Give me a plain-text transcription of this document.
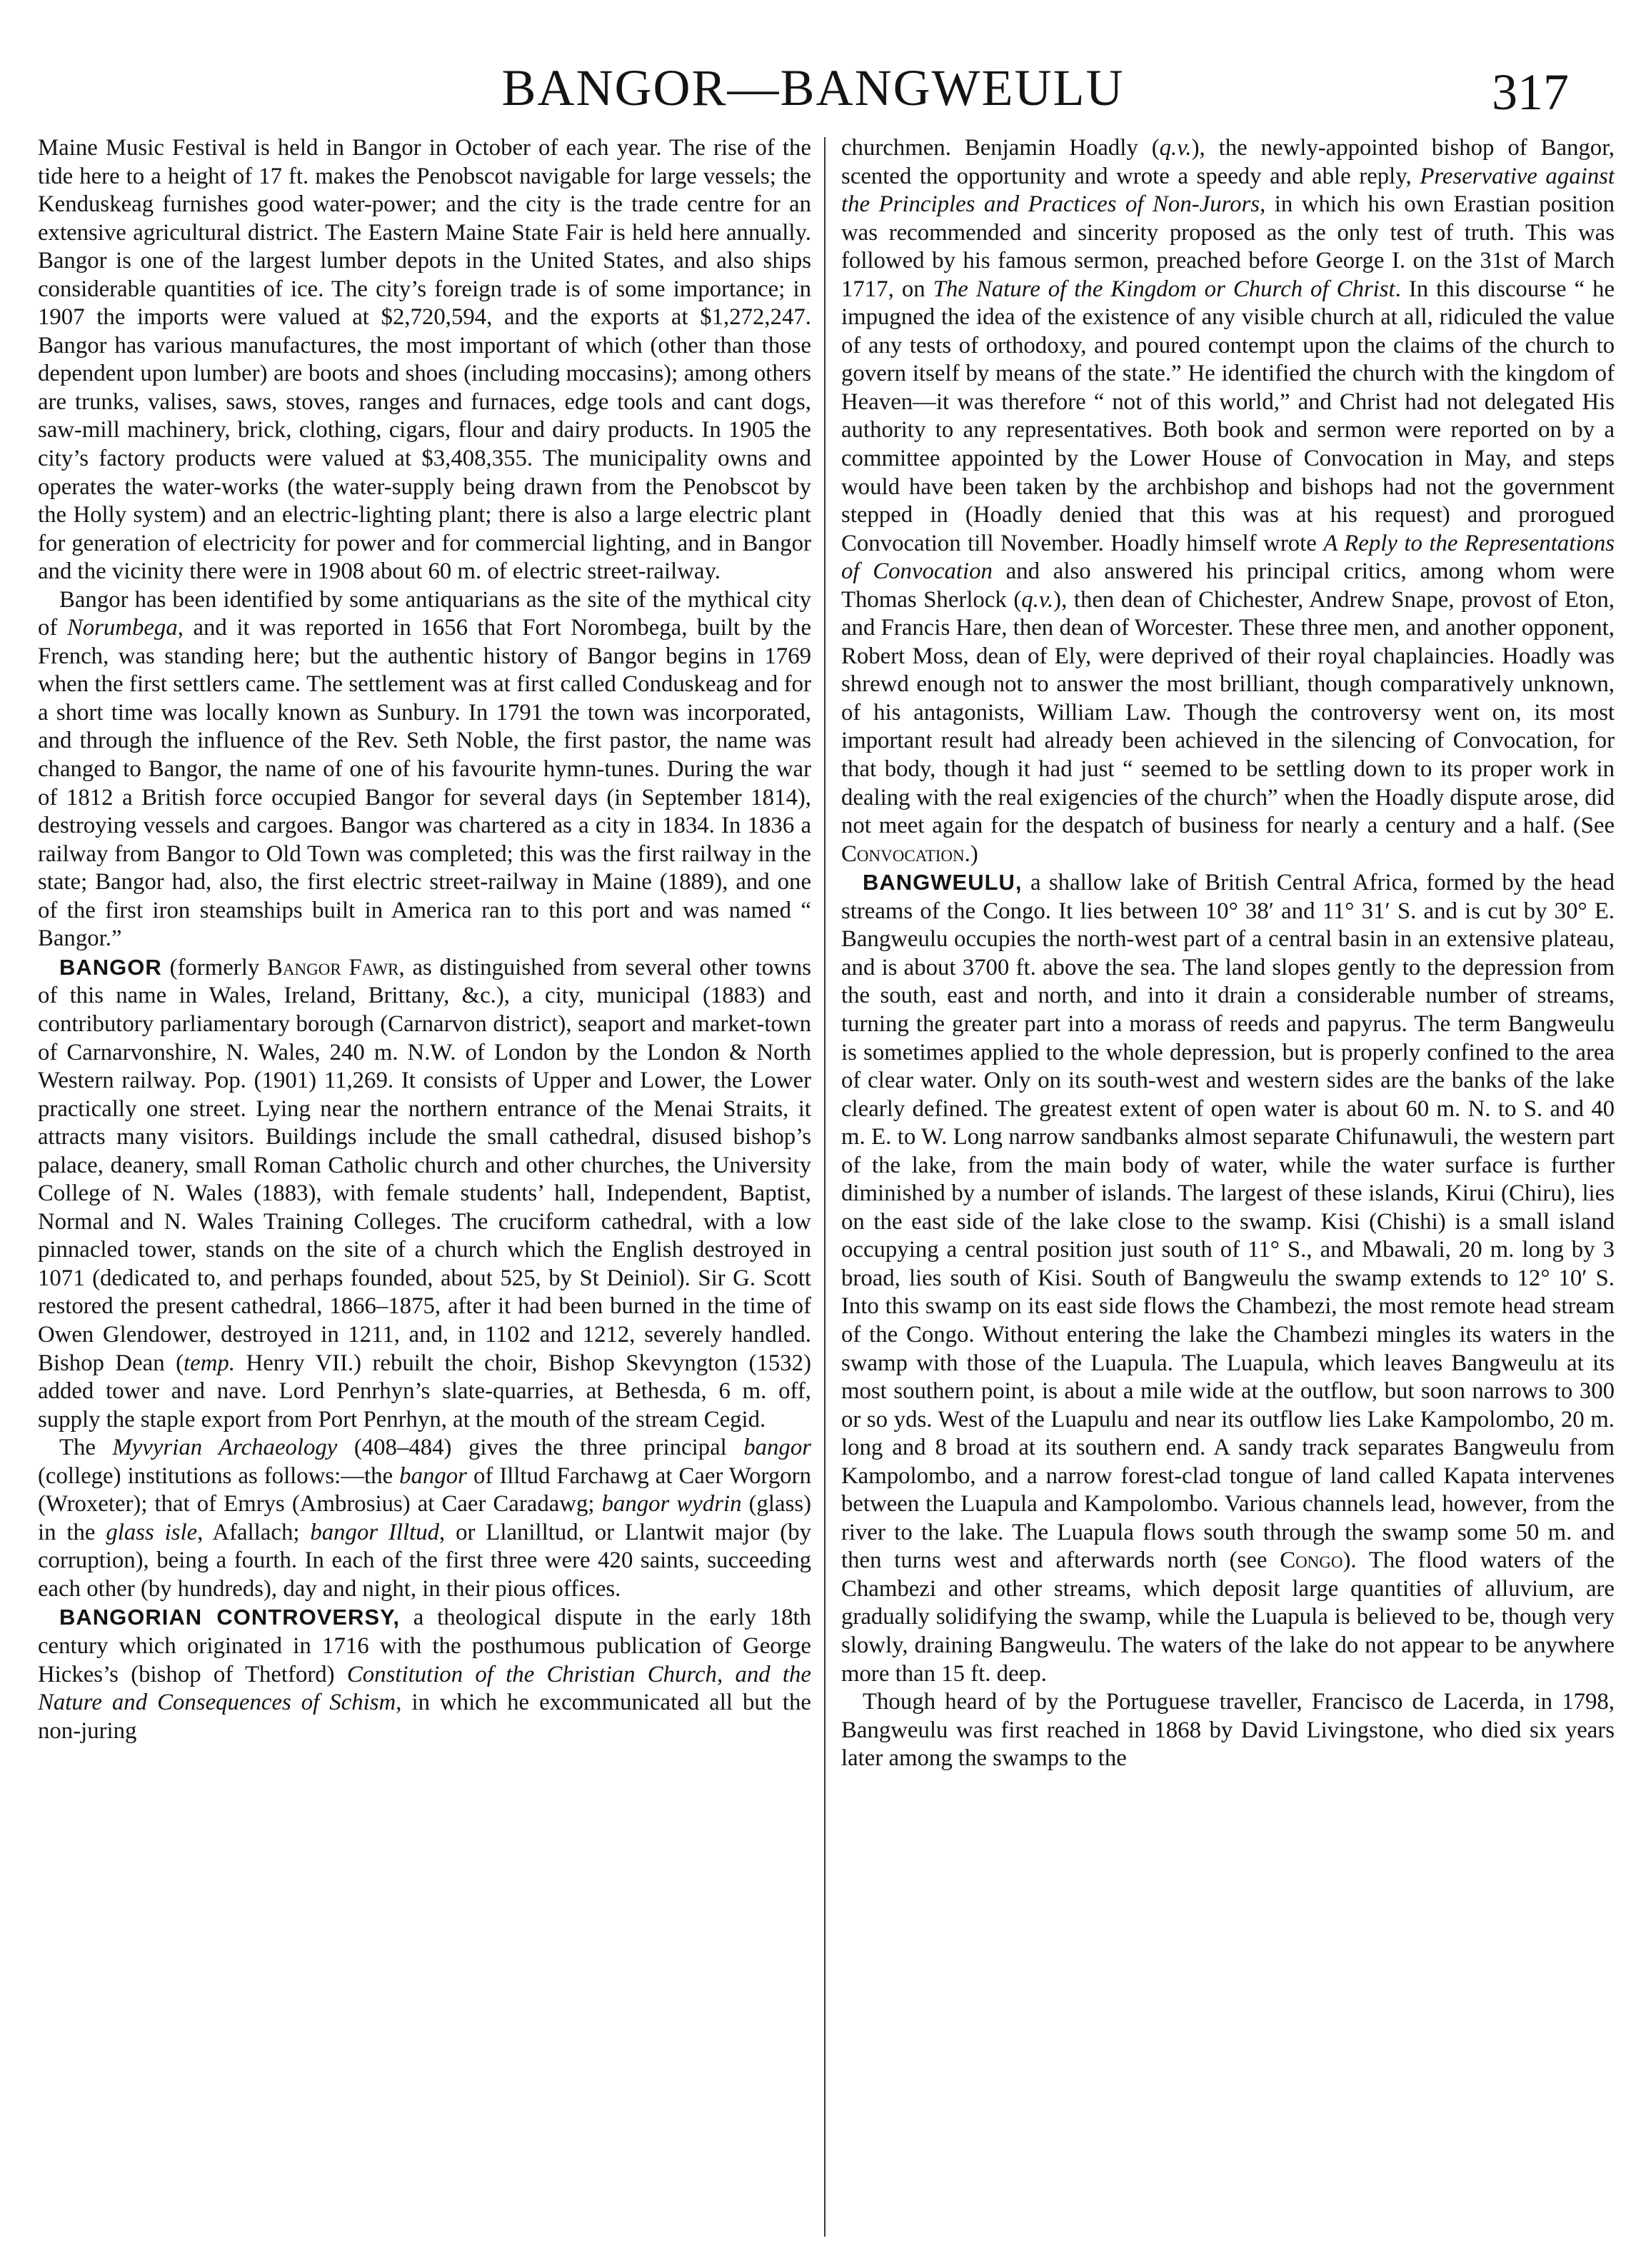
BANGOR—BANGWEULU	317

Maine Music Festival is held in Bangor in October of each year. The rise of the tide here to a height of 17 ft. makes the Penobscot navigable for large vessels; the Kenduskeag furnishes good water-power; and the city is the trade centre for an extensive agricultural district. The Eastern Maine State Fair is held here annually. Bangor is one of the largest lumber depots in the United States, and also ships considerable quantities of ice. The city’s foreign trade is of some importance; in 1907 the imports were valued at $2,720,594, and the exports at $1,272,247. Bangor has various manufactures, the most important of which (other than those dependent upon lumber) are boots and shoes (including moccasins); among others are trunks, valises, saws, stoves, ranges and furnaces, edge tools and cant dogs, saw-mill machinery, brick, clothing, cigars, flour and dairy products. In 1905 the city’s factory products were valued at $3,408,355. The municipality owns and operates the water-works (the water-supply being drawn from the Penobscot by the Holly system) and an electric-lighting plant; there is also a large electric plant for generation of electricity for power and for commercial lighting, and in Bangor and the vicinity there were in 1908 about 60 m. of electric street-railway.

Bangor has been identified by some antiquarians as the site of the mythical city of Norumbega, and it was reported in 1656 that Fort Norombega, built by the French, was standing here; but the authentic history of Bangor begins in 1769 when the first settlers came. The settlement was at first called Conduskeag and for a short time was locally known as Sunbury. In 1791 the town was incorporated, and through the influence of the Rev. Seth Noble, the first pastor, the name was changed to Bangor, the name of one of his favourite hymn-tunes. During the war of 1812 a British force occupied Bangor for several days (in September 1814), destroying vessels and cargoes. Bangor was chartered as a city in 1834. In 1836 a railway from Bangor to Old Town was completed; this was the first railway in the state; Bangor had, also, the first electric street-railway in Maine (1889), and one of the first iron steamships built in America ran to this port and was named “ Bangor.”

BANGOR (formerly Bangor Fawr, as distinguished from several other towns of this name in Wales, Ireland, Brittany, &c.), a city, municipal (1883) and contributory parliamentary borough (Carnarvon district), seaport and market-town of Carnarvonshire, N. Wales, 240 m. N.W. of London by the London & North Western railway. Pop. (1901) 11,269. It consists of Upper and Lower, the Lower practically one street. Lying near the northern entrance of the Menai Straits, it attracts many visitors. Buildings include the small cathedral, disused bishop’s palace, deanery, small Roman Catholic church and other churches, the University College of N. Wales (1883), with female students’ hall, Independent, Baptist, Normal and N. Wales Training Colleges. The cruciform cathedral, with a low pinnacled tower, stands on the site of a church which the English destroyed in 1071 (dedicated to, and perhaps founded, about 525, by St Deiniol). Sir G. Scott restored the present cathedral, 1866–1875, after it had been burned in the time of Owen Glendower, destroyed in 1211, and, in 1102 and 1212, severely handled. Bishop Dean (temp. Henry VII.) rebuilt the choir, Bishop Skevyngton (1532) added tower and nave. Lord Penrhyn’s slate-quarries, at Bethesda, 6 m. off, supply the staple export from Port Penrhyn, at the mouth of the stream Cegid.

The Myvyrian Archaeology (408–484) gives the three principal bangor (college) institutions as follows:—the bangor of Illtud Farchawg at Caer Worgorn (Wroxeter); that of Emrys (Ambrosius) at Caer Caradawg; bangor wydrin (glass) in the glass isle, Afallach; bangor Illtud, or Llanilltud, or Llantwit major (by corruption), being a fourth. In each of the first three were 420 saints, succeeding each other (by hundreds), day and night, in their pious offices.

BANGORIAN CONTROVERSY, a theological dispute in the early 18th century which originated in 1716 with the posthumous publication of George Hickes’s (bishop of Thetford) Constitution of the Christian Church, and the Nature and Consequences of Schism, in which he excommunicated all but the non-juring

churchmen. Benjamin Hoadly (q.v.), the newly-appointed bishop of Bangor, scented the opportunity and wrote a speedy and able reply, Preservative against the Principles and Practices of Non-Jurors, in which his own Erastian position was recommended and sincerity proposed as the only test of truth. This was followed by his famous sermon, preached before George I. on the 31st of March 1717, on The Nature of the Kingdom or Church of Christ. In this discourse “ he impugned the idea of the existence of any visible church at all, ridiculed the value of any tests of orthodoxy, and poured contempt upon the claims of the church to govern itself by means of the state.” He identified the church with the kingdom of Heaven—it was therefore “ not of this world,” and Christ had not delegated His authority to any representatives. Both book and sermon were reported on by a committee appointed by the Lower House of Convocation in May, and steps would have been taken by the archbishop and bishops had not the government stepped in (Hoadly denied that this was at his request) and prorogued Convocation till November. Hoadly himself wrote A Reply to the Representations of Convocation and also answered his principal critics, among whom were Thomas Sherlock (q.v.), then dean of Chichester, Andrew Snape, provost of Eton, and Francis Hare, then dean of Worcester. These three men, and another opponent, Robert Moss, dean of Ely, were deprived of their royal chaplaincies. Hoadly was shrewd enough not to answer the most brilliant, though comparatively unknown, of his antagonists, William Law. Though the controversy went on, its most important result had already been achieved in the silencing of Convocation, for that body, though it had just “ seemed to be settling down to its proper work in dealing with the real exigencies of the church” when the Hoadly dispute arose, did not meet again for the despatch of business for nearly a century and a half. (See Convocation.)

BANGWEULU, a shallow lake of British Central Africa, formed by the head streams of the Congo. It lies between 10° 38′ and 11° 31′ S. and is cut by 30° E. Bangweulu occupies the north-west part of a central basin in an extensive plateau, and is about 3700 ft. above the sea. The land slopes gently to the depression from the south, east and north, and into it drain a considerable number of streams, turning the greater part into a morass of reeds and papyrus. The term Bangweulu is sometimes applied to the whole depression, but is properly confined to the area of clear water. Only on its south-west and western sides are the banks of the lake clearly defined. The greatest extent of open water is about 60 m. N. to S. and 40 m. E. to W. Long narrow sandbanks almost separate Chifunawuli, the western part of the lake, from the main body of water, while the water surface is further diminished by a number of islands. The largest of these islands, Kirui (Chiru), lies on the east side of the lake close to the swamp. Kisi (Chishi) is a small island occupying a central position just south of 11° S., and Mbawali, 20 m. long by 3 broad, lies south of Kisi. South of Bangweulu the swamp extends to 12° 10′ S. Into this swamp on its east side flows the Chambezi, the most remote head stream of the Congo. Without entering the lake the Chambezi mingles its waters in the swamp with those of the Luapula. The Luapula, which leaves Bangweulu at its most southern point, is about a mile wide at the outflow, but soon narrows to 300 or so yds. West of the Luapulu and near its outflow lies Lake Kampolombo, 20 m. long and 8 broad at its southern end. A sandy track separates Bangweulu from Kampolombo, and a narrow forest-clad tongue of land called Kapata intervenes between the Luapula and Kampolombo. Various channels lead, however, from the river to the lake. The Luapula flows south through the swamp some 50 m. and then turns west and afterwards north (see Congo). The flood waters of the Chambezi and other streams, which deposit large quantities of alluvium, are gradually solidifying the swamp, while the Luapula is believed to be, though very slowly, draining Bangweulu. The waters of the lake do not appear to be anywhere more than 15 ft. deep.

Though heard of by the Portuguese traveller, Francisco de Lacerda, in 1798, Bangweulu was first reached in 1868 by David Livingstone, who died six years later among the swamps to the
